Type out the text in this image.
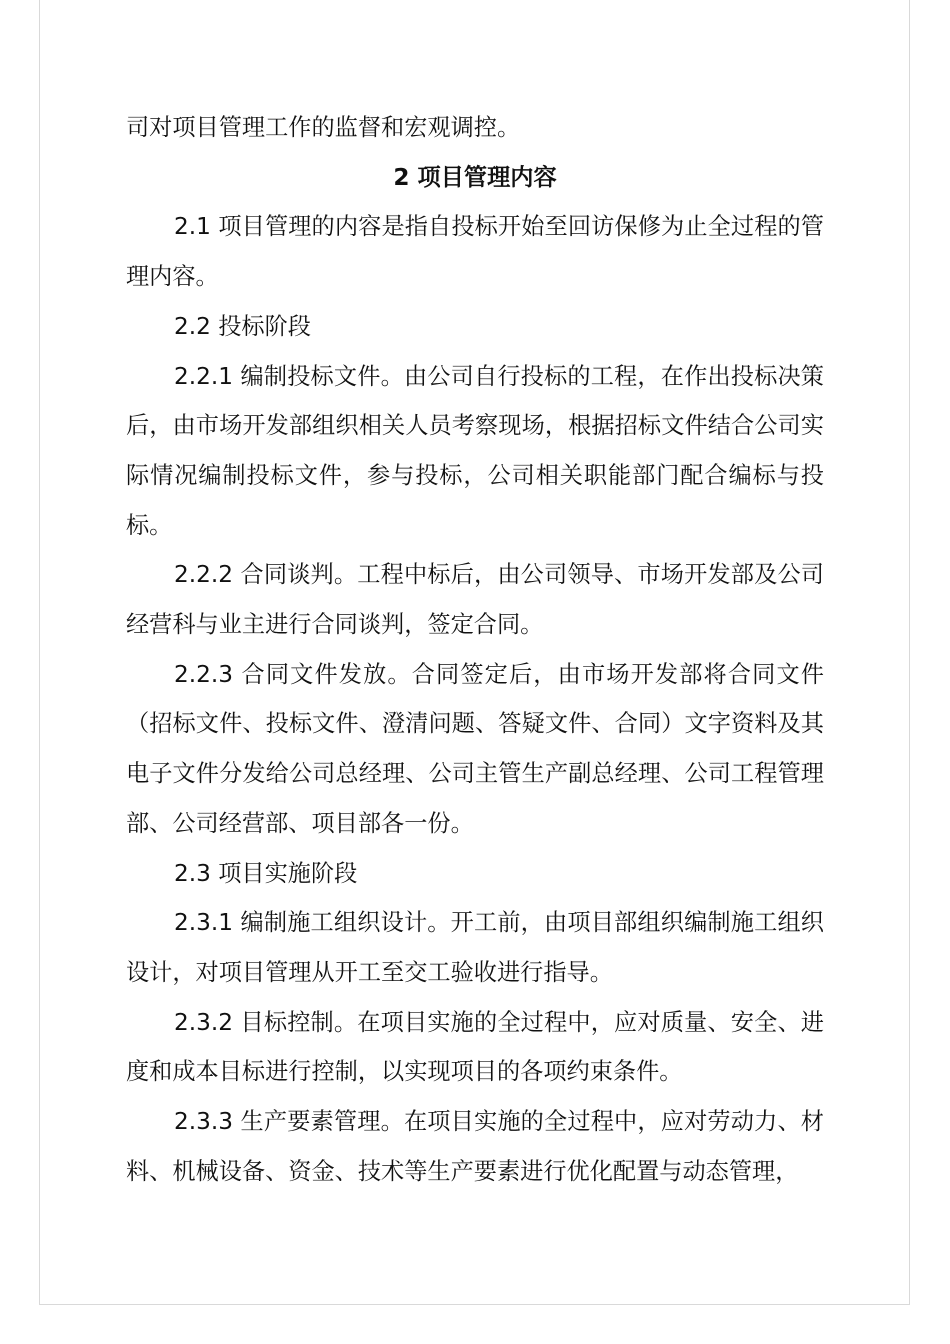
司对项目管理工作的监督和宏观调控。

2 项目管理内容

2.1 项目管理的内容是指自投标开始至回访保修为止全过程的管理内容。

2.2 投标阶段

2.2.1 编制投标文件。由公司自行投标的工程，在作出投标决策后，由市场开发部组织相关人员考察现场，根据招标文件结合公司实际情况编制投标文件，参与投标，公司相关职能部门配合编标与投标。

2.2.2 合同谈判。工程中标后，由公司领导、市场开发部及公司经营科与业主进行合同谈判，签定合同。

2.2.3 合同文件发放。合同签定后，由市场开发部将合同文件（招标文件、投标文件、澄清问题、答疑文件、合同）文字资料及其电子文件分发给公司总经理、公司主管生产副总经理、公司工程管理部、公司经营部、项目部各一份。

2.3 项目实施阶段

2.3.1 编制施工组织设计。开工前，由项目部组织编制施工组织设计，对项目管理从开工至交工验收进行指导。

2.3.2 目标控制。在项目实施的全过程中，应对质量、安全、进度和成本目标进行控制，以实现项目的各项约束条件。

2.3.3 生产要素管理。在项目实施的全过程中，应对劳动力、材料、机械设备、资金、技术等生产要素进行优化配置与动态管理，
